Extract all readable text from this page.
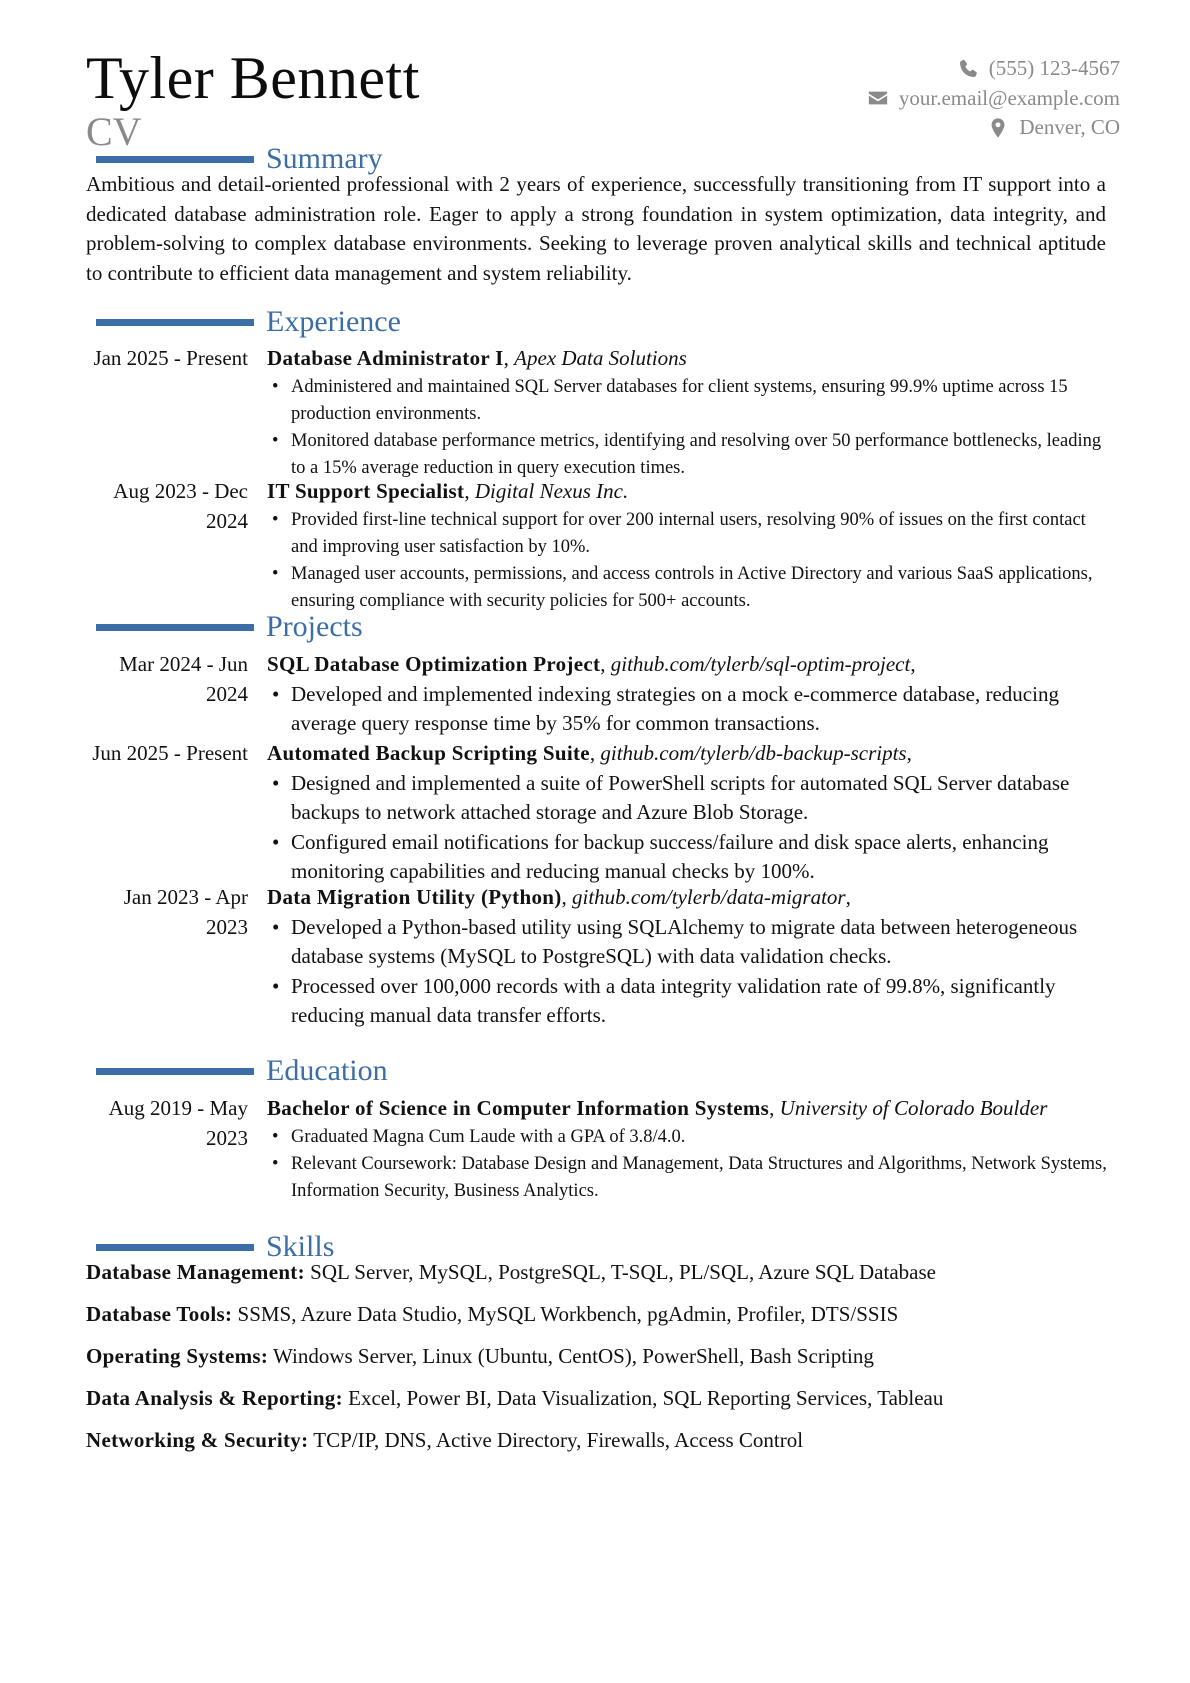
Tyler Bennett
CV
(555) 123-4567
your.email@example.com
Denver, CO
Summary
Ambitious and detail-oriented professional with 2 years of experience, successfully transitioning from IT support into a dedicated database administration role. Eager to apply a strong foundation in system optimization, data integrity, and problem-solving to complex database environments. Seeking to leverage proven analytical skills and technical aptitude to contribute to efficient data management and system reliability.
Experience
Jan 2025 - Present Database Administrator I, Apex Data Solutions
• Administered and maintained SQL Server databases for client systems, ensuring 99.9% uptime across 15 production environments.
• Monitored database performance metrics, identifying and resolving over 50 performance bottlenecks, leading to a 15% average reduction in query execution times.
Aug 2023 - Dec 2024
IT Support Specialist, Digital Nexus Inc.
• Provided first-line technical support for over 200 internal users, resolving 90% of issues on the first contact and improving user satisfaction by 10%.
• Managed user accounts, permissions, and access controls in Active Directory and various SaaS applications, ensuring compliance with security policies for 500+ accounts.
Projects
Mar 2024 - Jun 2024
SQL Database Optimization Project, github.com/tylerb/sql-optim-project,
• Developed and implemented indexing strategies on a mock e-commerce database, reducing average query response time by 35% for common transactions.
Jun 2025 - Present Automated Backup Scripting Suite, github.com/tylerb/db-backup-scripts,
• Designed and implemented a suite of PowerShell scripts for automated SQL Server database backups to network attached storage and Azure Blob Storage.
• Configured email notifications for backup success/failure and disk space alerts, enhancing monitoring capabilities and reducing manual checks by 100%.
Jan 2023 - Apr 2023
Data Migration Utility (Python), github.com/tylerb/data-migrator,
• Developed a Python-based utility using SQLAlchemy to migrate data between heterogeneous database systems (MySQL to PostgreSQL) with data validation checks.
• Processed over 100,000 records with a data integrity validation rate of 99.8%, significantly reducing manual data transfer efforts.
Education
Aug 2019 - May 2023
Bachelor of Science in Computer Information Systems, University of Colorado Boulder
• Graduated Magna Cum Laude with a GPA of 3.8/4.0.
• Relevant Coursework: Database Design and Management, Data Structures and Algorithms, Network Systems, Information Security, Business Analytics.
Skills
Database Management: SQL Server, MySQL, PostgreSQL, T-SQL, PL/SQL, Azure SQL Database
Database Tools: SSMS, Azure Data Studio, MySQL Workbench, pgAdmin, Profiler, DTS/SSIS
Operating Systems: Windows Server, Linux (Ubuntu, CentOS), PowerShell, Bash Scripting
Data Analysis & Reporting: Excel, Power BI, Data Visualization, SQL Reporting Services, Tableau
Networking & Security: TCP/IP, DNS, Active Directory, Firewalls, Access Control
